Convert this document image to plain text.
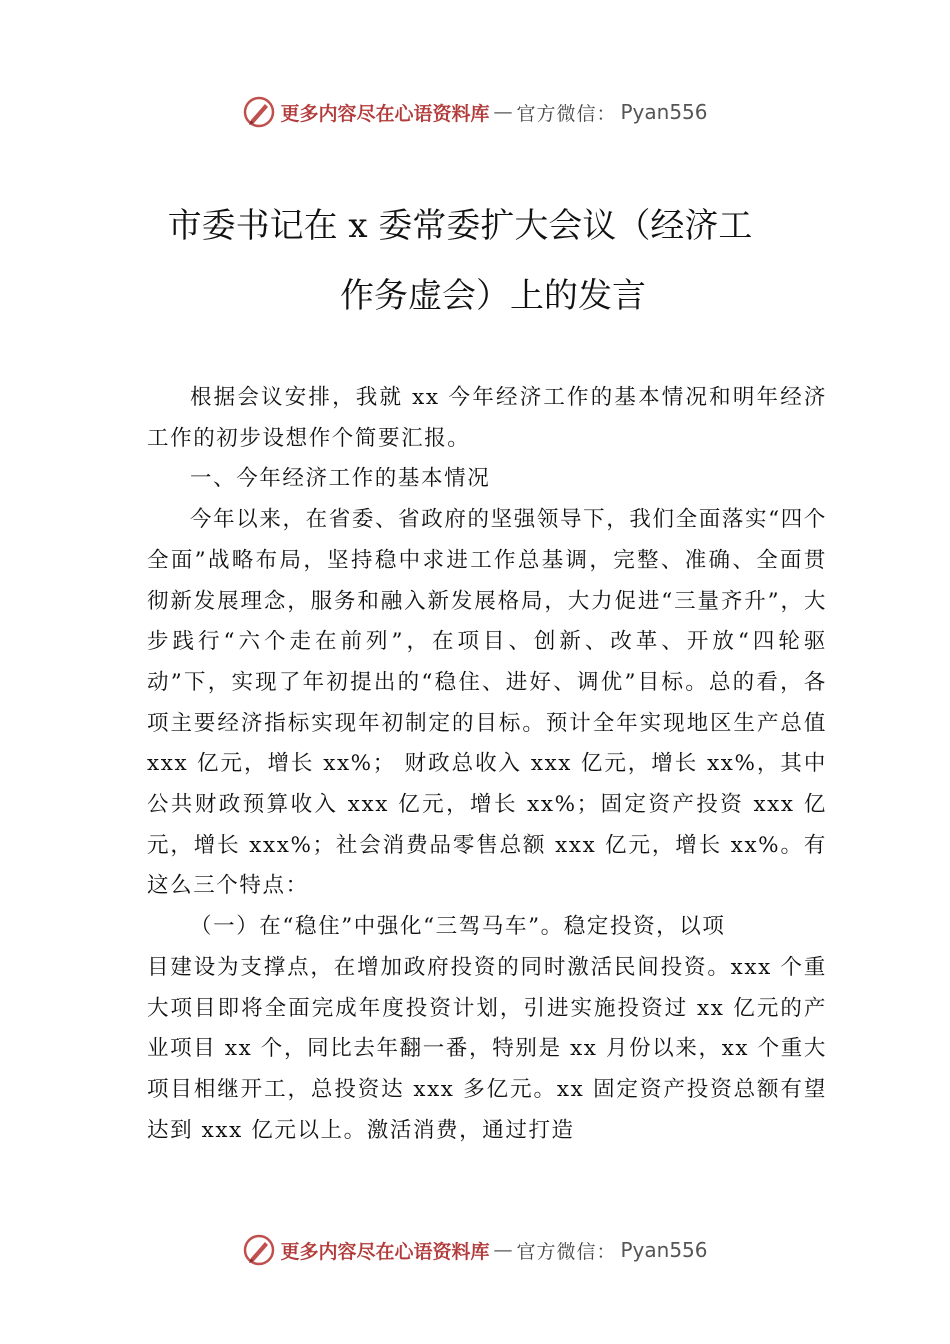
更多内容尽在心语资料库 — 官方微信： Pyan556
市委书记在 x 委常委扩大会议（经济工
作务虚会）上的发言

根据会议安排，我就 xx 今年经济工作的基本情况和明年经济工作的初步设想作个简要汇报。

一、今年经济工作的基本情况

今年以来，在省委、省政府的坚强领导下，我们全面落实“四个全面”战略布局，坚持稳中求进工作总基调，完整、准确、全面贯彻新发展理念，服务和融入新发展格局，大力促进“三量齐升”，大步践行“六个走在前列”，在项目、创新、改革、开放“四轮驱动”下，实现了年初提出的“稳住、进好、调优”目标。总的看，各项主要经济指标实现年初制定的目标。预计全年实现地区生产总值 xxx 亿元，增长 xx%； 财政总收入 xxx 亿元，增长 xx%，其中公共财政预算收入 xxx 亿元，增长 xx%；固定资产投资 xxx 亿元，增长 xxx%；社会消费品零售总额 xxx 亿元，增长 xx%。有这么三个特点：

（一）在“稳住”中强化“三驾马车”。稳定投资，以项

目建设为支撑点，在增加政府投资的同时激活民间投资。xxx 个重大项目即将全面完成年度投资计划，引进实施投资过 xx 亿元的产业项目 xx 个，同比去年翻一番，特别是 xx 月份以来，xx 个重大项目相继开工，总投资达 xxx 多亿元。xx 固定资产投资总额有望达到 xxx 亿元以上。激活消费，通过打造

更多内容尽在心语资料库 — 官方微信： Pyan556
